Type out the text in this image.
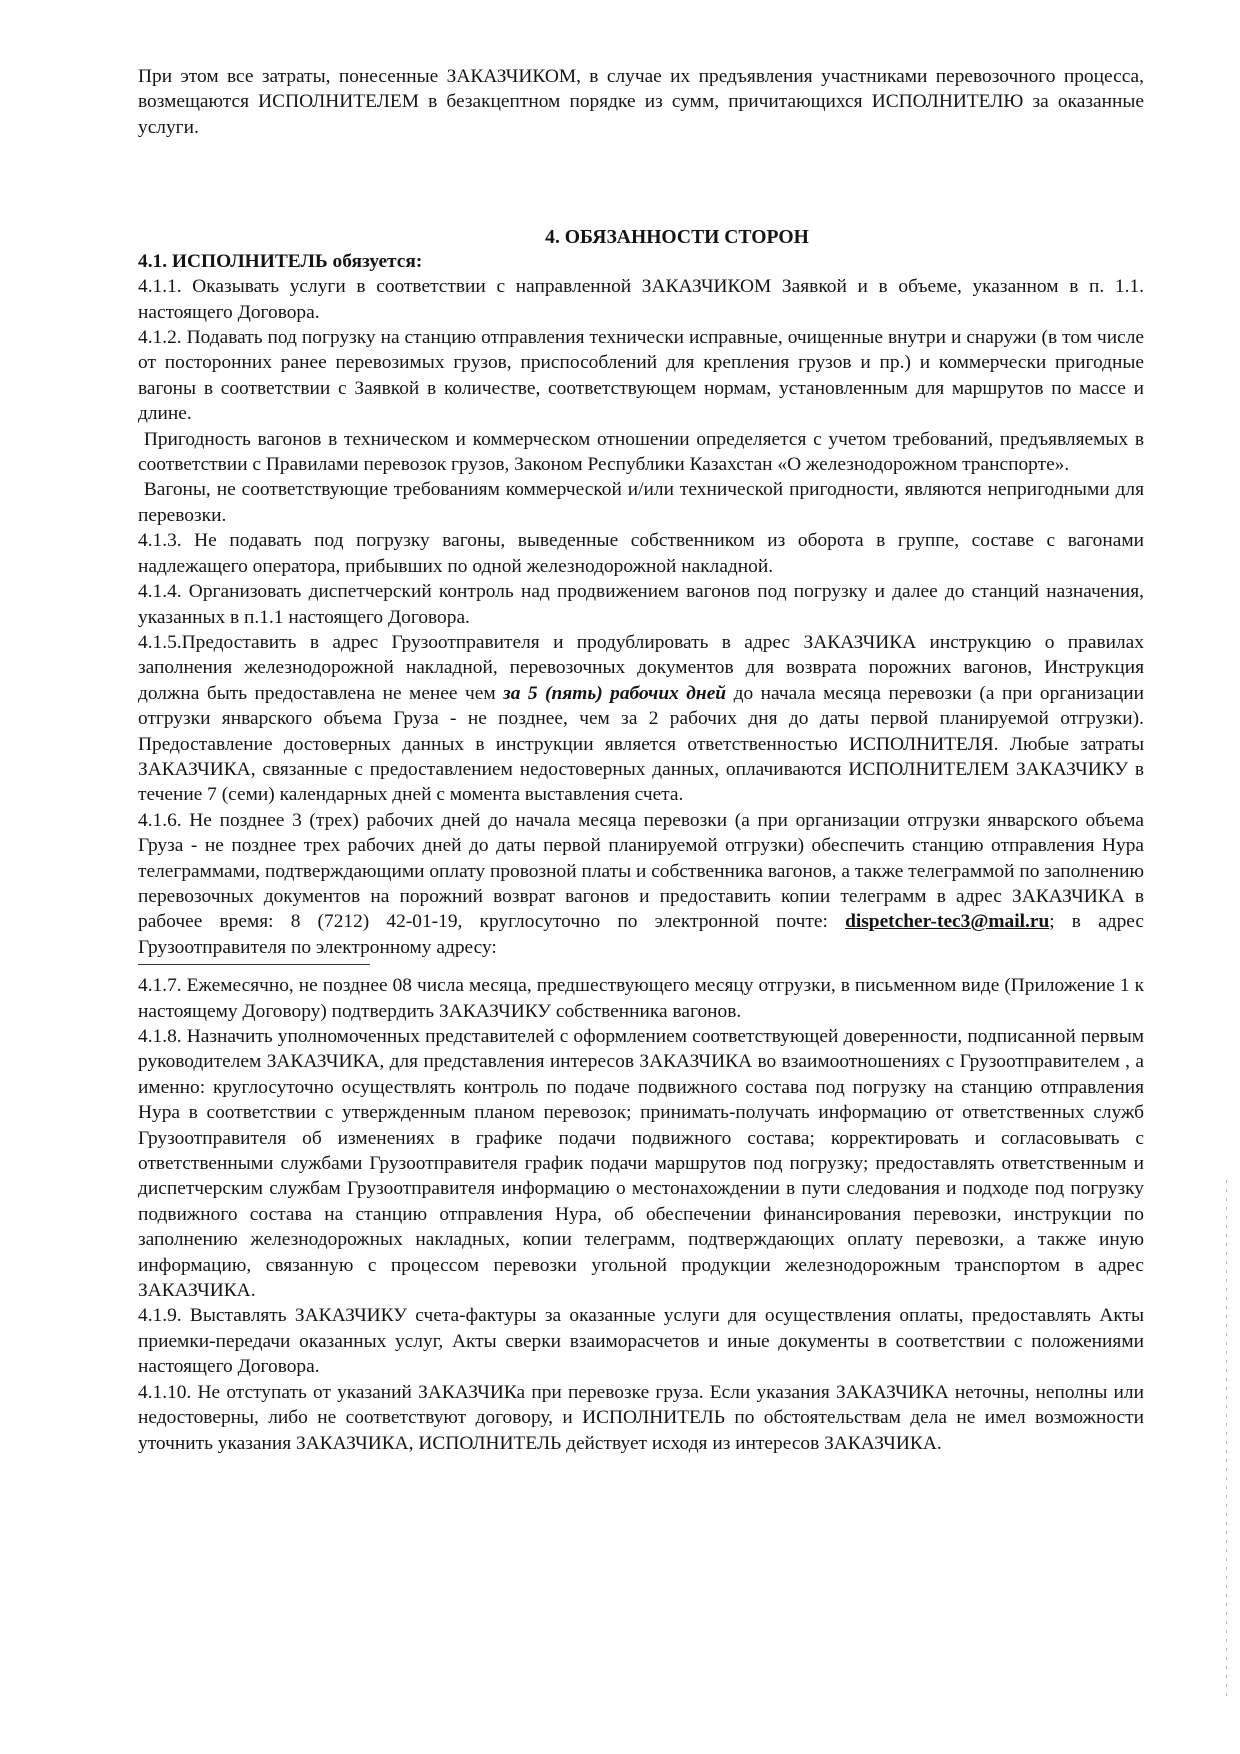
При этом все затраты, понесенные ЗАКАЗЧИКОМ, в случае их предъявления участниками перевозочного процесса, возмещаются ИСПОЛНИТЕЛЕМ в безакцептном порядке из сумм, причитающихся ИСПОЛНИТЕЛЮ за оказанные услуги.

4. ОБЯЗАННОСТИ СТОРОН

4.1. ИСПОЛНИТЕЛЬ обязуется:

4.1.1. Оказывать услуги в соответствии с направленной ЗАКАЗЧИКОМ Заявкой и в объеме, указанном в п. 1.1. настоящего Договора.

4.1.2. Подавать под погрузку на станцию отправления технически исправные, очищенные внутри и снаружи (в том числе от посторонних ранее перевозимых грузов, приспособлений для крепления грузов и пр.) и коммерчески пригодные вагоны в соответствии с Заявкой в количестве, соответствующем нормам, установленным для маршрутов по массе и длине.

Пригодность вагонов в техническом и коммерческом отношении определяется с учетом требований, предъявляемых в соответствии с Правилами перевозок грузов, Законом Республики Казахстан «О железнодорожном транспорте».

Вагоны, не соответствующие требованиям коммерческой и/или технической пригодности, являются непригодными для перевозки.

4.1.3. Не подавать под погрузку вагоны, выведенные собственником из оборота в группе, составе с вагонами надлежащего оператора, прибывших по одной железнодорожной накладной.

4.1.4. Организовать диспетчерский контроль над продвижением вагонов под погрузку и далее до станций назначения, указанных в п.1.1 настоящего Договора.

4.1.5.Предоставить в адрес Грузоотправителя и продублировать в адрес ЗАКАЗЧИКА инструкцию о правилах заполнения железнодорожной накладной, перевозочных документов для возврата порожних вагонов, Инструкция должна быть предоставлена не менее чем за 5 (пять) рабочих дней до начала месяца перевозки (а при организации отгрузки январского объема Груза - не позднее, чем за 2 рабочих дня до даты первой планируемой отгрузки). Предоставление достоверных данных в инструкции является ответственностью ИСПОЛНИТЕЛЯ. Любые затраты ЗАКАЗЧИКА, связанные с предоставлением недостоверных данных, оплачиваются ИСПОЛНИТЕЛЕМ ЗАКАЗЧИКУ в течение 7 (семи) календарных дней с момента выставления счета.

4.1.6. Не позднее 3 (трех) рабочих дней до начала месяца перевозки (а при организации отгрузки январского объема Груза - не позднее трех рабочих дней до даты первой планируемой отгрузки) обеспечить станцию отправления Нура телеграммами, подтверждающими оплату провозной платы и собственника вагонов, а также телеграммой по заполнению перевозочных документов на порожний возврат вагонов и предоставить копии телеграмм в адрес ЗАКАЗЧИКА в рабочее время: 8 (7212) 42-01-19, круглосуточно по электронной почте: dispetcher-tec3@mail.ru; в адрес Грузоотправителя по электронному адресу:

4.1.7. Ежемесячно, не позднее 08 числа месяца, предшествующего месяцу отгрузки, в письменном виде (Приложение 1 к настоящему Договору) подтвердить ЗАКАЗЧИКУ собственника вагонов.

4.1.8. Назначить уполномоченных представителей с оформлением соответствующей доверенности, подписанной первым руководителем ЗАКАЗЧИКА, для представления интересов ЗАКАЗЧИКА во взаимоотношениях с Грузоотправителем , а именно: круглосуточно осуществлять контроль по подаче подвижного состава под погрузку на станцию отправления Нура в соответствии с утвержденным планом перевозок; принимать-получать информацию от ответственных служб Грузоотправителя об изменениях в графике подачи подвижного состава; корректировать и согласовывать с ответственными службами Грузоотправителя график подачи маршрутов под погрузку; предоставлять ответственным и диспетчерским службам Грузоотправителя информацию о местонахождении в пути следования и подходе под погрузку подвижного состава на станцию отправления Нура, об обеспечении финансирования перевозки, инструкции по заполнению железнодорожных накладных, копии телеграмм, подтверждающих оплату перевозки, а также иную информацию, связанную с процессом перевозки угольной продукции железнодорожным транспортом в адрес ЗАКАЗЧИКА.

4.1.9. Выставлять ЗАКАЗЧИКУ счета-фактуры за оказанные услуги для осуществления оплаты, предоставлять Акты приемки-передачи оказанных услуг, Акты сверки взаиморасчетов и иные документы в соответствии с положениями настоящего Договора.

4.1.10. Не отступать от указаний ЗАКАЗЧИКа при перевозке груза. Если указания ЗАКАЗЧИКА неточны, неполны или недостоверны, либо не соответствуют договору, и ИСПОЛНИТЕЛЬ по обстоятельствам дела не имел возможности уточнить указания ЗАКАЗЧИКА, ИСПОЛНИТЕЛЬ действует исходя из интересов ЗАКАЗЧИКА.
